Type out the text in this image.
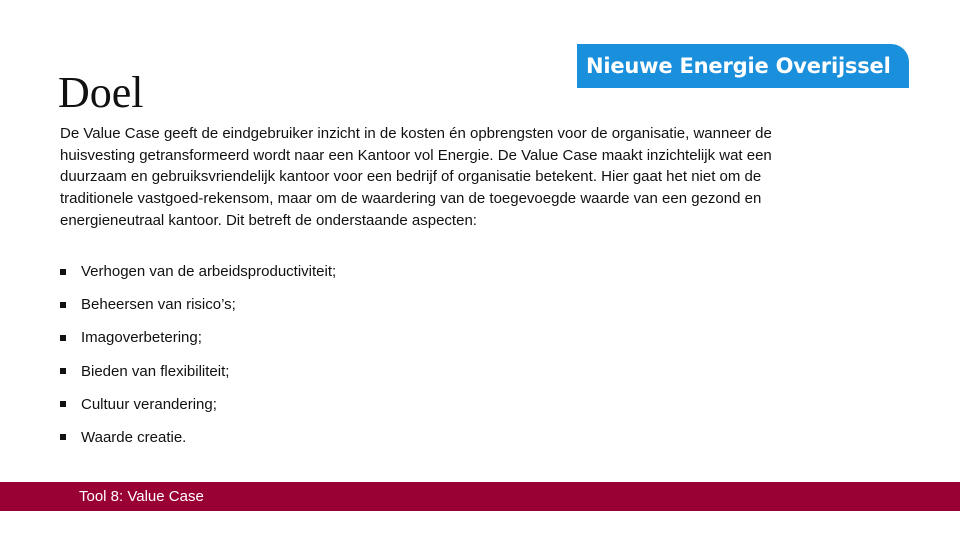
Doel
Nieuwe Energie Overijssel

De Value Case geeft de eindgebruiker inzicht in de kosten én opbrengsten voor de organisatie, wanneer de huisvesting getransformeerd wordt naar een Kantoor vol Energie. De Value Case maakt inzichtelijk wat een duurzaam en gebruiksvriendelijk kantoor voor een bedrijf of organisatie betekent. Hier gaat het niet om de traditionele vastgoed-rekensom, maar om de waardering van de toegevoegde waarde van een gezond en energieneutraal kantoor. Dit betreft de onderstaande aspecten:

Verhogen van de arbeidsproductiviteit;
Beheersen van risico’s;
Imagoverbetering;
Bieden van flexibiliteit;
Cultuur verandering;
Waarde creatie.
Tool 8: Value Case
